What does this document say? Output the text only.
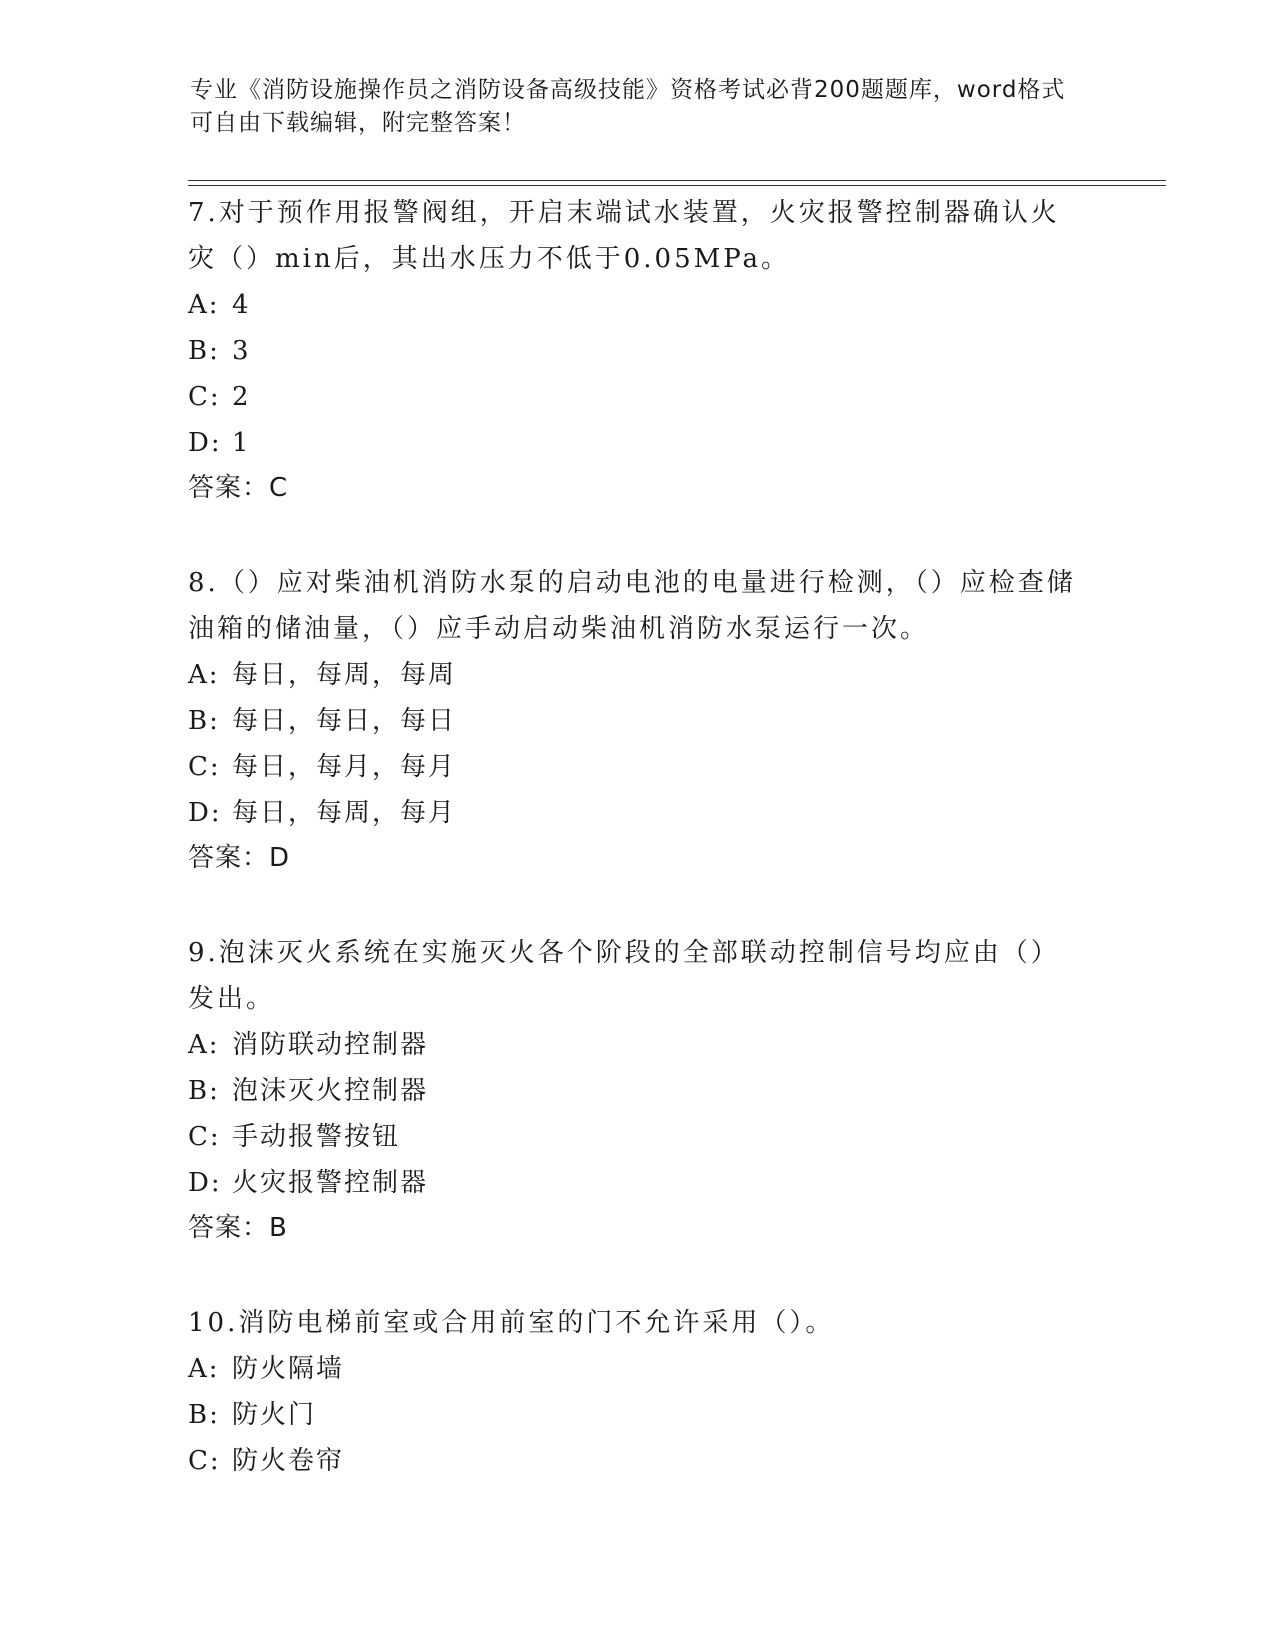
专业《消防设施操作员之消防设备高级技能》资格考试必背200题题库，word格式可自由下载编辑，附完整答案！

7.对于预作用报警阀组，开启末端试水装置，火灾报警控制器确认火灾（）min后，其出水压力不低于0.05MPa。

A: 4

B: 3

C: 2

D: 1

答案：C

8.（）应对柴油机消防水泵的启动电池的电量进行检测，（）应检查储油箱的储油量，（）应手动启动柴油机消防水泵运行一次。

A: 每日，每周，每周

B: 每日，每日，每日

C: 每日，每月，每月

D: 每日，每周，每月

答案：D

9.泡沫灭火系统在实施灭火各个阶段的全部联动控制信号均应由（）发出。

A: 消防联动控制器

B: 泡沫灭火控制器

C: 手动报警按钮

D: 火灾报警控制器

答案：B

10.消防电梯前室或合用前室的门不允许采用（）。

A: 防火隔墙

B: 防火门

C: 防火卷帘
